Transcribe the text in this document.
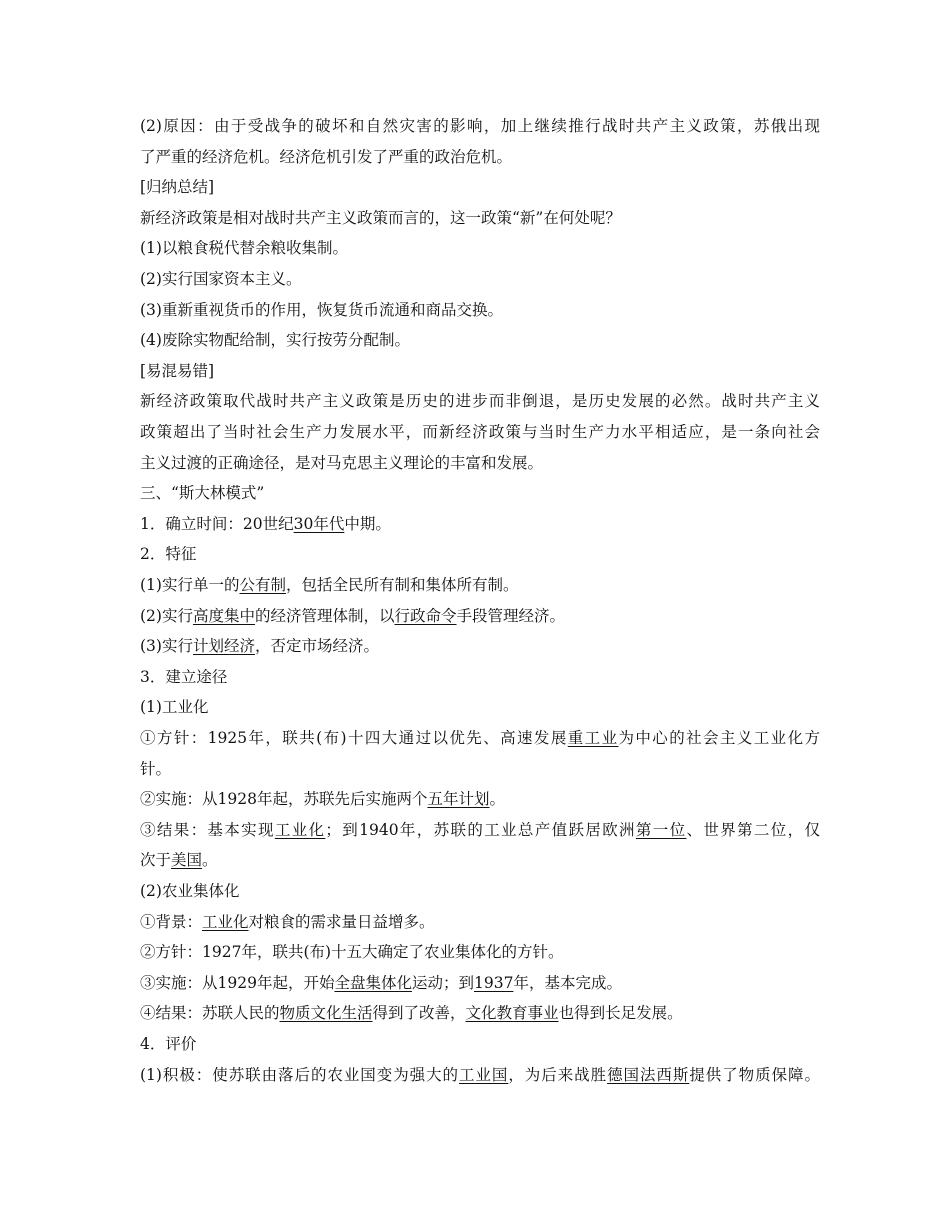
(2)原因：由于受战争的破坏和自然灾害的影响，加上继续推行战时共产主义政策，苏俄出现
了严重的经济危机。经济危机引发了严重的政治危机。
[归纳总结]
新经济政策是相对战时共产主义政策而言的，这一政策“新”在何处呢？
(1)以粮食税代替余粮收集制。
(2)实行国家资本主义。
(3)重新重视货币的作用，恢复货币流通和商品交换。
(4)废除实物配给制，实行按劳分配制。
[易混易错]
新经济政策取代战时共产主义政策是历史的进步而非倒退，是历史发展的必然。战时共产主义
政策超出了当时社会生产力发展水平，而新经济政策与当时生产力水平相适应，是一条向社会
主义过渡的正确途径，是对马克思主义理论的丰富和发展。
三、“斯大林模式”
1．确立时间：20世纪30年代中期。
2．特征
(1)实行单一的公有制，包括全民所有制和集体所有制。
(2)实行高度集中的经济管理体制，以行政命令手段管理经济。
(3)实行计划经济，否定市场经济。
3．建立途径
(1)工业化
①方针：1925年，联共(布)十四大通过以优先、高速发展重工业为中心的社会主义工业化方
针。
②实施：从1928年起，苏联先后实施两个五年计划。
③结果：基本实现工业化；到1940年，苏联的工业总产值跃居欧洲第一位、世界第二位，仅
次于美国。
(2)农业集体化
①背景：工业化对粮食的需求量日益增多。
②方针：1927年，联共(布)十五大确定了农业集体化的方针。
③实施：从1929年起，开始全盘集体化运动；到1937年，基本完成。
④结果：苏联人民的物质文化生活得到了改善，文化教育事业也得到长足发展。
4．评价
(1)积极：使苏联由落后的农业国变为强大的工业国，为后来战胜德国法西斯提供了物质保障。
